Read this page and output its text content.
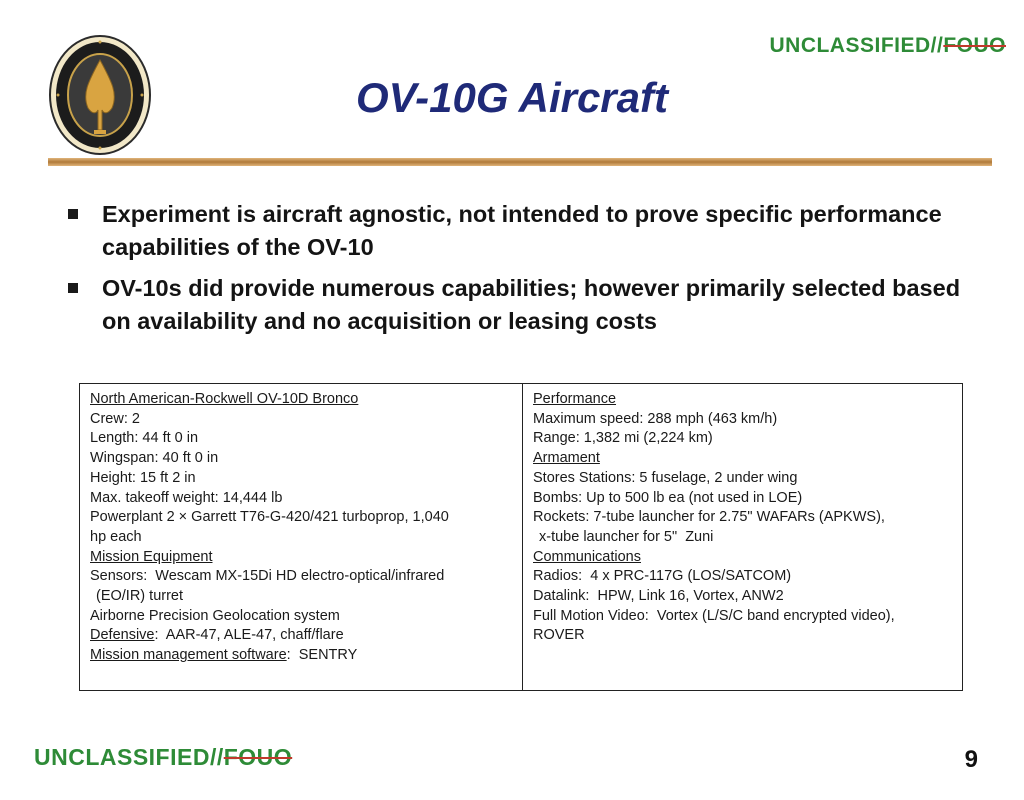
UNCLASSIFIED//FOUO
OV-10G Aircraft
Experiment is aircraft agnostic, not intended to prove specific performance capabilities of the OV-10
OV-10s did provide numerous capabilities; however primarily selected based on availability and no acquisition or leasing costs
North American-Rockwell OV-10D Bronco
Crew: 2
Length: 44 ft 0 in
Wingspan: 40 ft 0 in
Height: 15 ft 2 in
Max. takeoff weight: 14,444 lb
Powerplant 2 × Garrett T76-G-420/421 turboprop, 1,040
hp each
Mission Equipment
Sensors:  Wescam MX-15Di HD electro-optical/infrared
(EO/IR) turret
Airborne Precision Geolocation system
Defensive:  AAR-47, ALE-47, chaff/flare
Mission management software:  SENTRY
Performance
Maximum speed: 288 mph (463 km/h)
Range: 1,382 mi (2,224 km)
Armament
Stores Stations: 5 fuselage, 2 under wing
Bombs: Up to 500 lb ea (not used in LOE)
Rockets: 7-tube launcher for 2.75" WAFARs (APKWS),
x-tube launcher for 5"  Zuni
Communications
Radios:  4 x PRC-117G (LOS/SATCOM)
Datalink:  HPW, Link 16, Vortex, ANW2
Full Motion Video:  Vortex (L/S/C band encrypted video),
ROVER
UNCLASSIFIED//FOUO	9
